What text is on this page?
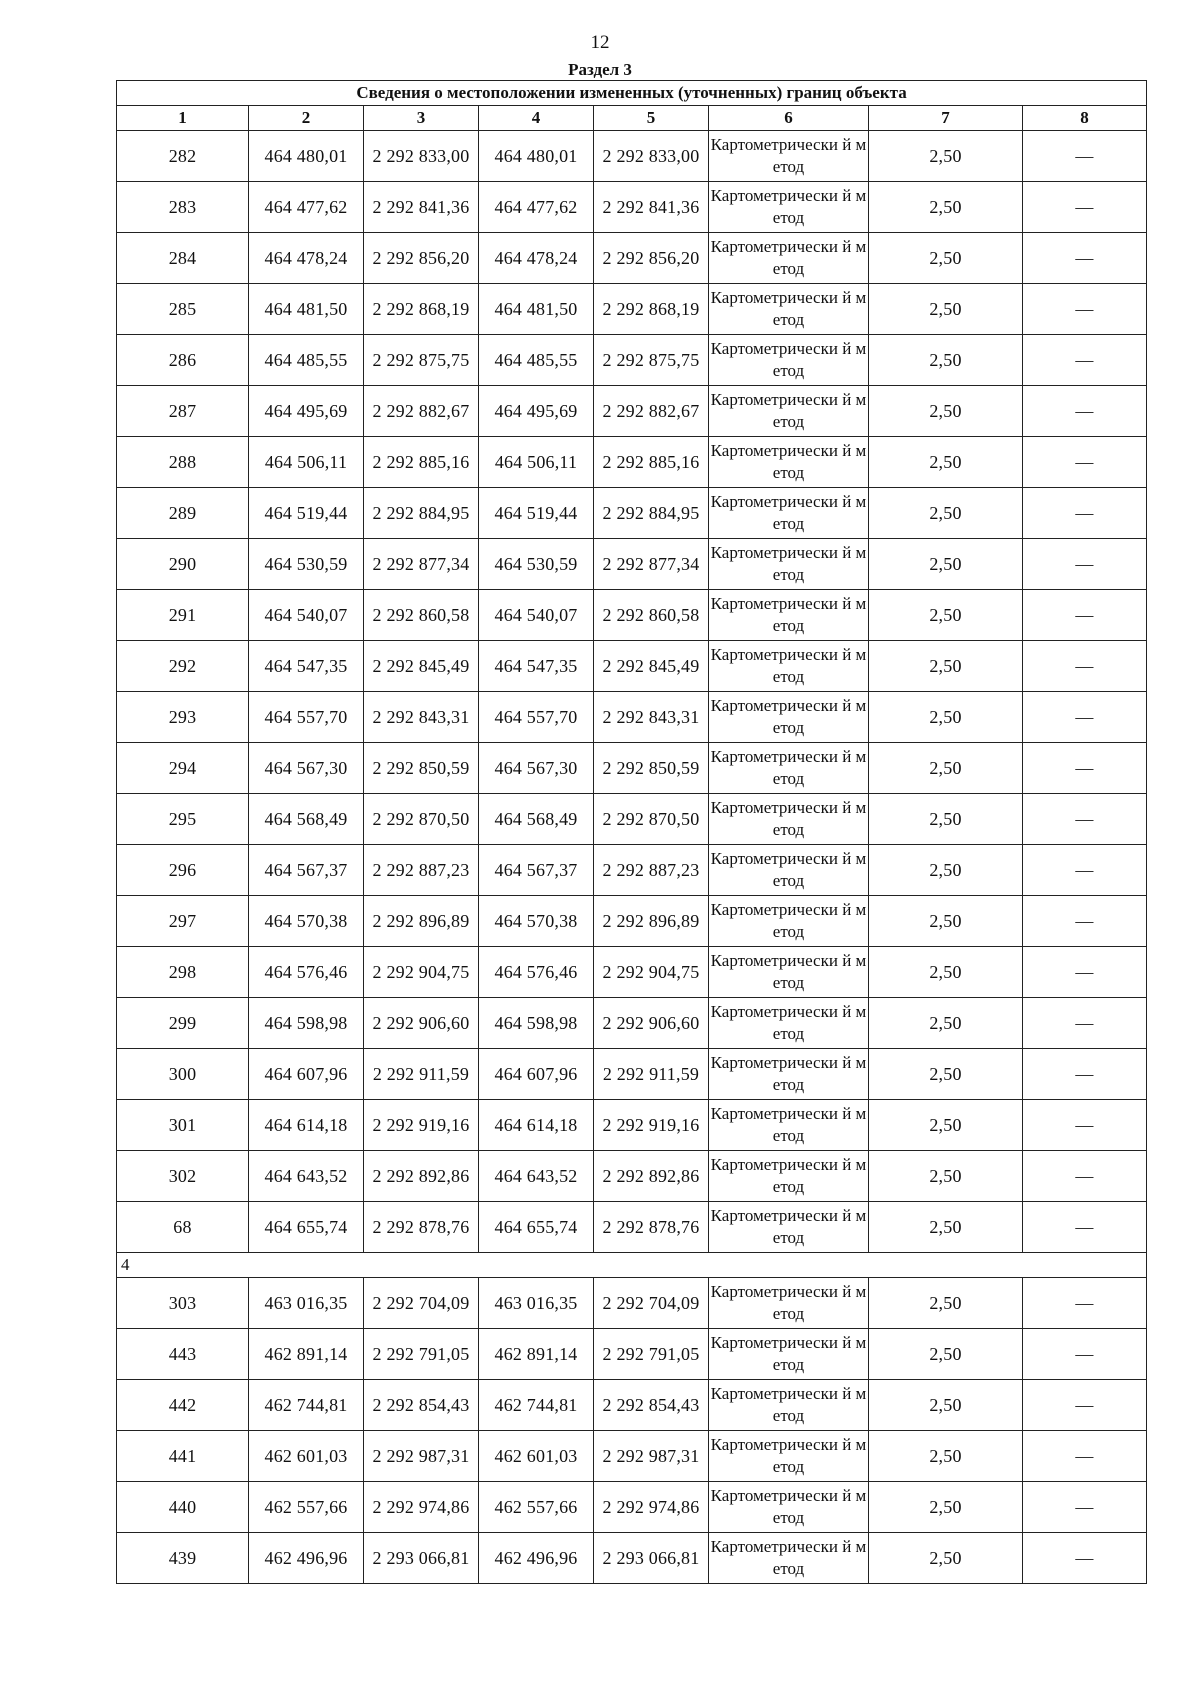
12
Раздел 3
Сведения о местоположении измененных (уточненных) границ объекта							
1	2	3	4	5	6	7	8
282	464 480,01	2 292 833,00	464 480,01	2 292 833,00	Картометрически й метод	2,50	—
283	464 477,62	2 292 841,36	464 477,62	2 292 841,36	Картометрически й метод	2,50	—
284	464 478,24	2 292 856,20	464 478,24	2 292 856,20	Картометрически й метод	2,50	—
285	464 481,50	2 292 868,19	464 481,50	2 292 868,19	Картометрически й метод	2,50	—
286	464 485,55	2 292 875,75	464 485,55	2 292 875,75	Картометрически й метод	2,50	—
287	464 495,69	2 292 882,67	464 495,69	2 292 882,67	Картометрически й метод	2,50	—
288	464 506,11	2 292 885,16	464 506,11	2 292 885,16	Картометрически й метод	2,50	—
289	464 519,44	2 292 884,95	464 519,44	2 292 884,95	Картометрически й метод	2,50	—
290	464 530,59	2 292 877,34	464 530,59	2 292 877,34	Картометрически й метод	2,50	—
291	464 540,07	2 292 860,58	464 540,07	2 292 860,58	Картометрически й метод	2,50	—
292	464 547,35	2 292 845,49	464 547,35	2 292 845,49	Картометрически й метод	2,50	—
293	464 557,70	2 292 843,31	464 557,70	2 292 843,31	Картометрически й метод	2,50	—
294	464 567,30	2 292 850,59	464 567,30	2 292 850,59	Картометрически й метод	2,50	—
295	464 568,49	2 292 870,50	464 568,49	2 292 870,50	Картометрически й метод	2,50	—
296	464 567,37	2 292 887,23	464 567,37	2 292 887,23	Картометрически й метод	2,50	—
297	464 570,38	2 292 896,89	464 570,38	2 292 896,89	Картометрически й метод	2,50	—
298	464 576,46	2 292 904,75	464 576,46	2 292 904,75	Картометрически й метод	2,50	—
299	464 598,98	2 292 906,60	464 598,98	2 292 906,60	Картометрически й метод	2,50	—
300	464 607,96	2 292 911,59	464 607,96	2 292 911,59	Картометрически й метод	2,50	—
301	464 614,18	2 292 919,16	464 614,18	2 292 919,16	Картометрически й метод	2,50	—
302	464 643,52	2 292 892,86	464 643,52	2 292 892,86	Картометрически й метод	2,50	—
68	464 655,74	2 292 878,76	464 655,74	2 292 878,76	Картометрически й метод	2,50	—
4							
303	463 016,35	2 292 704,09	463 016,35	2 292 704,09	Картометрически й метод	2,50	—
443	462 891,14	2 292 791,05	462 891,14	2 292 791,05	Картометрически й метод	2,50	—
442	462 744,81	2 292 854,43	462 744,81	2 292 854,43	Картометрически й метод	2,50	—
441	462 601,03	2 292 987,31	462 601,03	2 292 987,31	Картометрически й метод	2,50	—
440	462 557,66	2 292 974,86	462 557,66	2 292 974,86	Картометрически й метод	2,50	—
439	462 496,96	2 293 066,81	462 496,96	2 293 066,81	Картометрически й метод	2,50	—
